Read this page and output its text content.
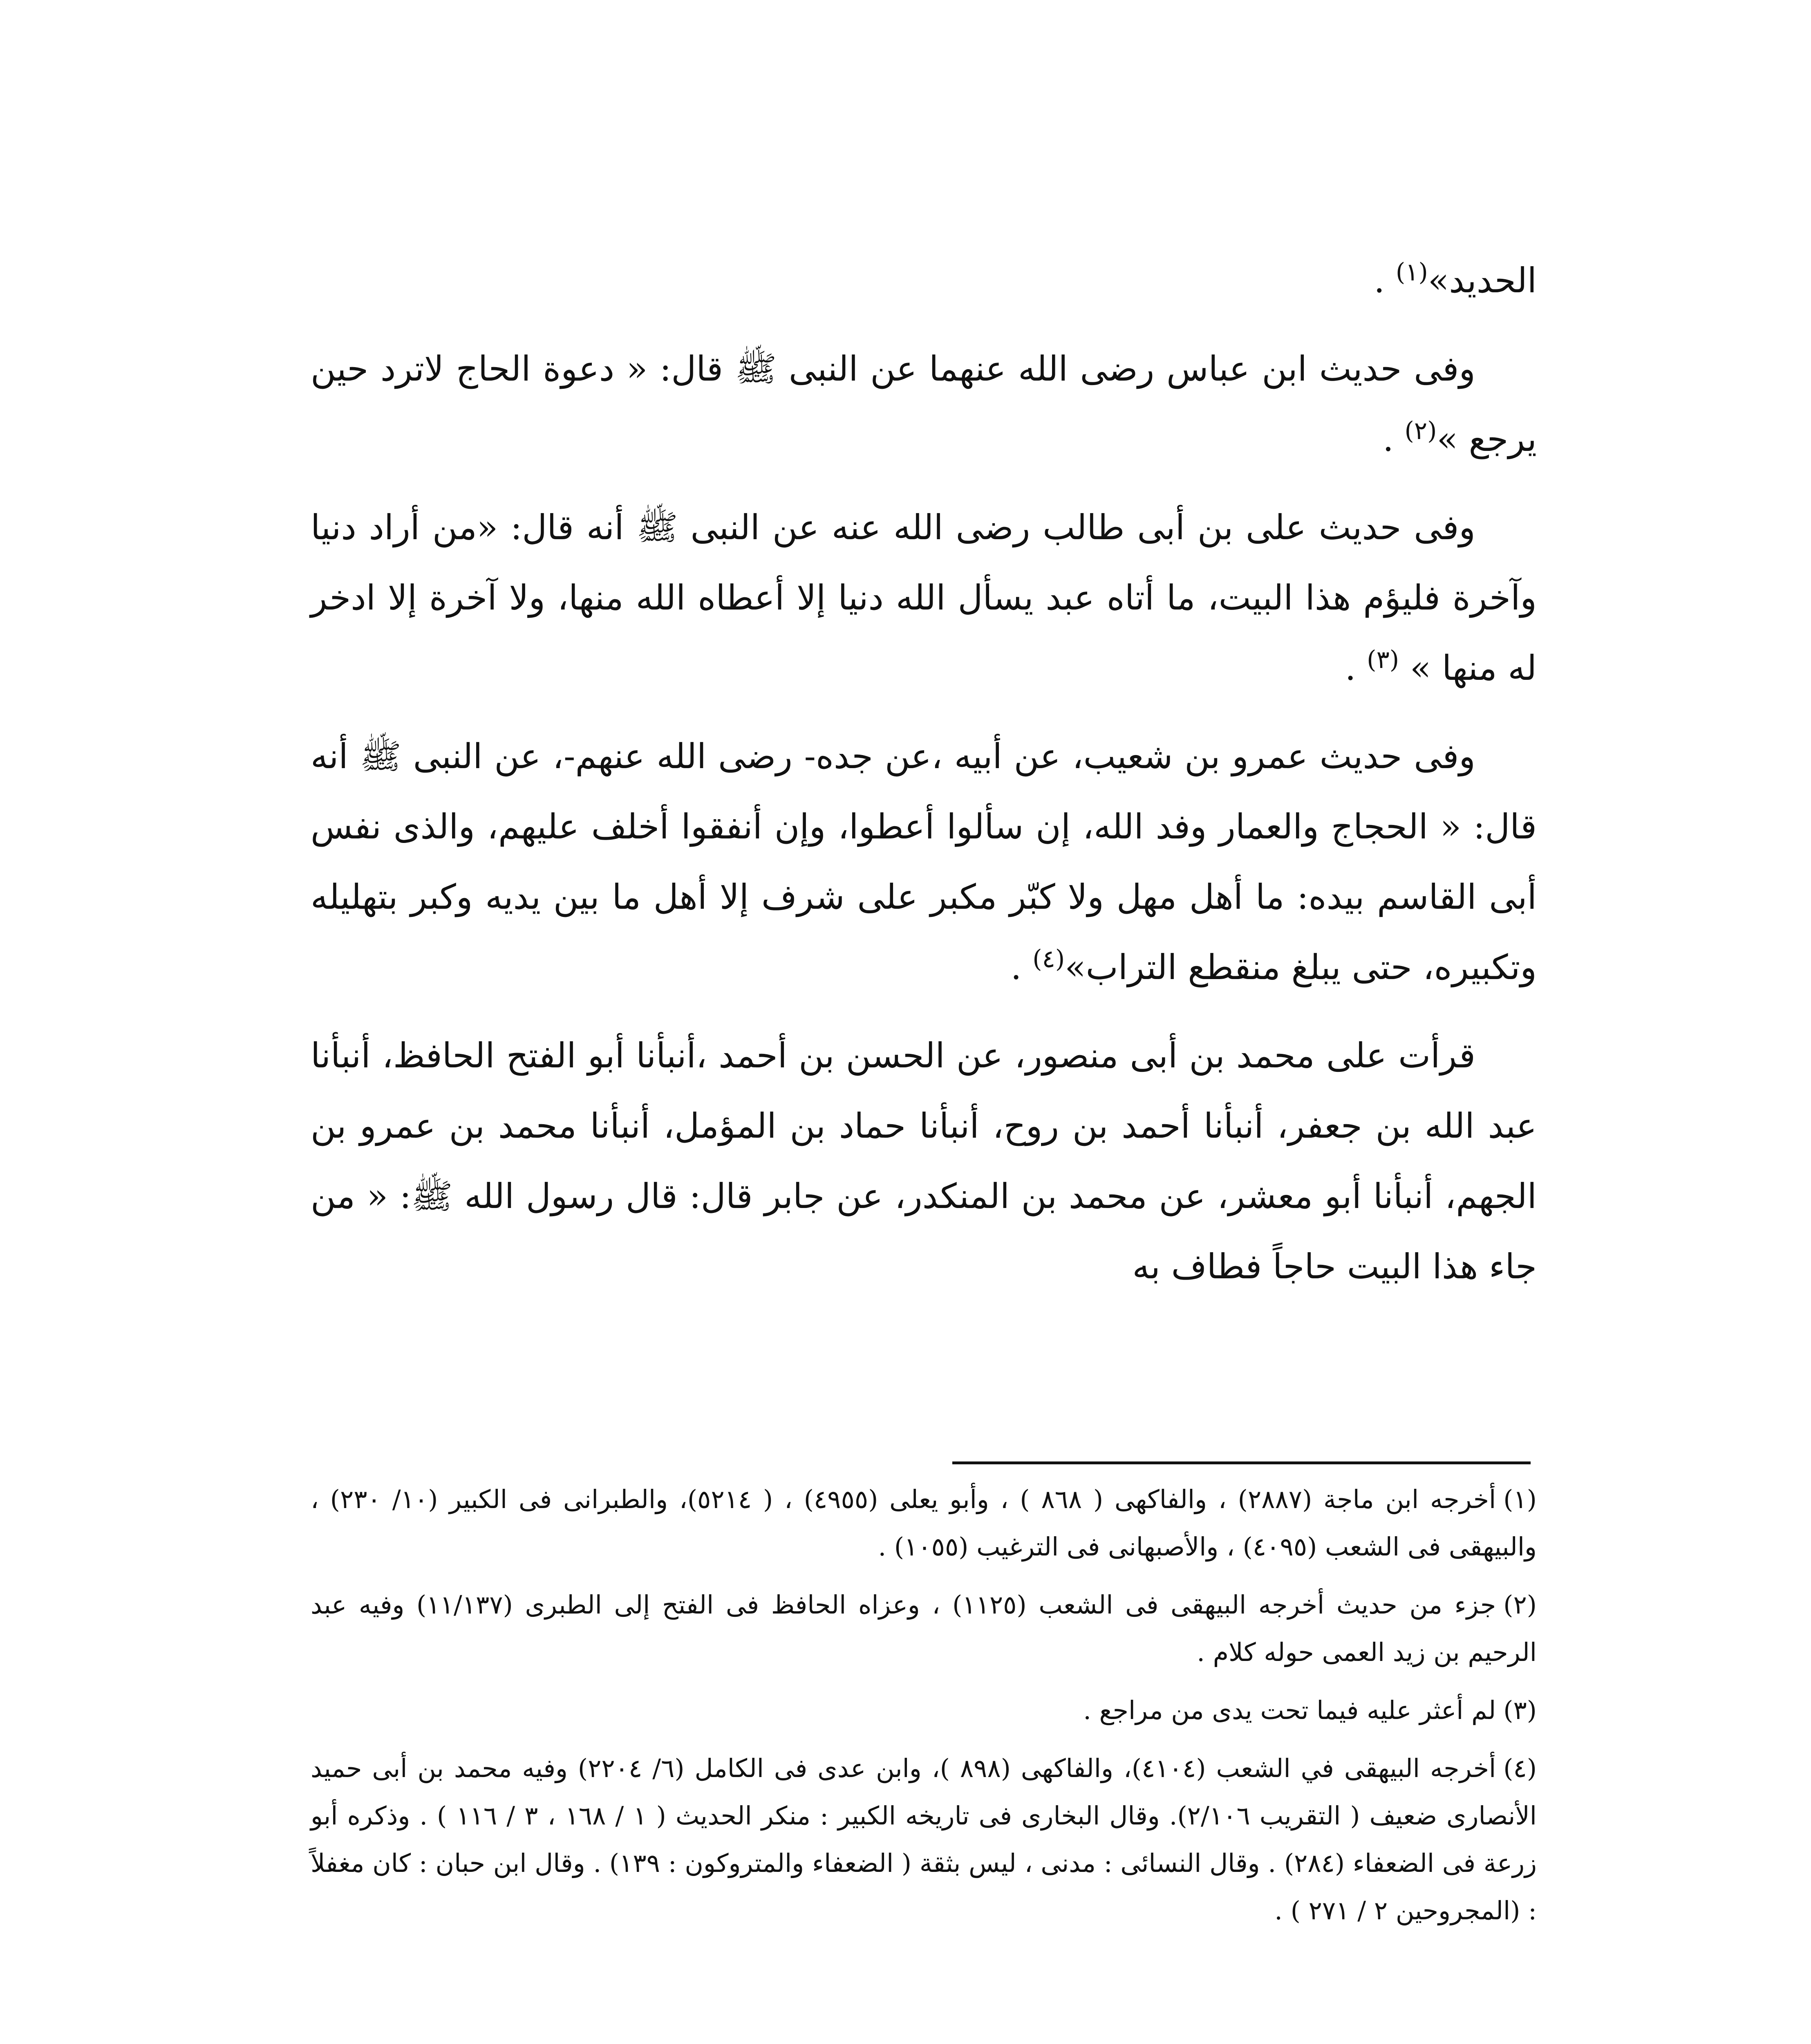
الحديد»$^{(١)}$ .

وفى حديث ابن عباس رضى الله عنهما عن النبى ﷺ قال: « دعوة الحاج لاترد حين يرجع »$^{(٢)}$ .

وفى حديث على بن أبى طالب رضى الله عنه عن النبى ﷺ أنه قال: «من أراد دنيا وآخرة فليؤم هذا البيت، ما أتاه عبد يسأل الله دنيا إلا أعطاه الله منها، ولا آخرة إلا ادخر له منها » $^{(٣)}$ .

وفى حديث عمرو بن شعيب، عن أبيه ،عن جده- رضى الله عنهم-، عن النبى ﷺ أنه قال: « الحجاج والعمار وفد الله، إن سألوا أعطوا، وإن أنفقوا أخلف عليهم، والذى نفس أبى القاسم بيده: ما أهل مهل ولا كبّر مكبر على شرف إلا أهل ما بين يديه وكبر بتهليله وتكبيره، حتى يبلغ منقطع التراب»$^{(٤)}$ .

قرأت على محمد بن أبى منصور، عن الحسن بن أحمد ،أنبأنا أبو الفتح الحافظ، أنبأنا عبد الله بن جعفر، أنبأنا أحمد بن روح، أنبأنا حماد بن المؤمل، أنبأنا محمد بن عمرو بن الجهم، أنبأنا أبو معشر، عن محمد بن المنكدر، عن جابر قال: قال رسول الله ﷺ: « من جاء هذا البيت حاجاً فطاف به

(١)أخرجه ابن ماجة (٢٨٨٧) ، والفاكهى ( ٨٦٨ ) ، وأبو يعلى (٤٩٥٥) ، ( ٥٢١٤)، والطبرانى فى الكبير (١٠/ ٢٣٠) ، والبيهقى فى الشعب (٤٠٩٥) ، والأصبهانى فى الترغيب (١٠٥٥) .

(٢)جزء من حديث أخرجه البيهقى فى الشعب (١١٢٥) ، وعزاه الحافظ فى الفتح إلى الطبرى (١١/١٣٧) وفيه عبد الرحيم بن زيد العمى حوله كلام .

(٣)لم أعثر عليه فيما تحت يدى من مراجع .

(٤)أخرجه البيهقى في الشعب (٤١٠٤)، والفاكهى (٨٩٨ )، وابن عدى فى الكامل (٦/ ٢٢٠٤) وفيه محمد بن أبى حميد الأنصارى ضعيف ( التقريب ٢/١٠٦). وقال البخارى فى تاريخه الكبير : منكر الحديث ( ١ / ١٦٨ ، ٣ / ١١٦ ) . وذكره أبو زرعة فى الضعفاء (٢٨٤) . وقال النسائى : مدنى ، ليس بثقة ( الضعفاء والمتروكون : ١٣٩) . وقال ابن حبان : كان مغفلاً : (المجروحين ٢ / ٢٧١ ) .
